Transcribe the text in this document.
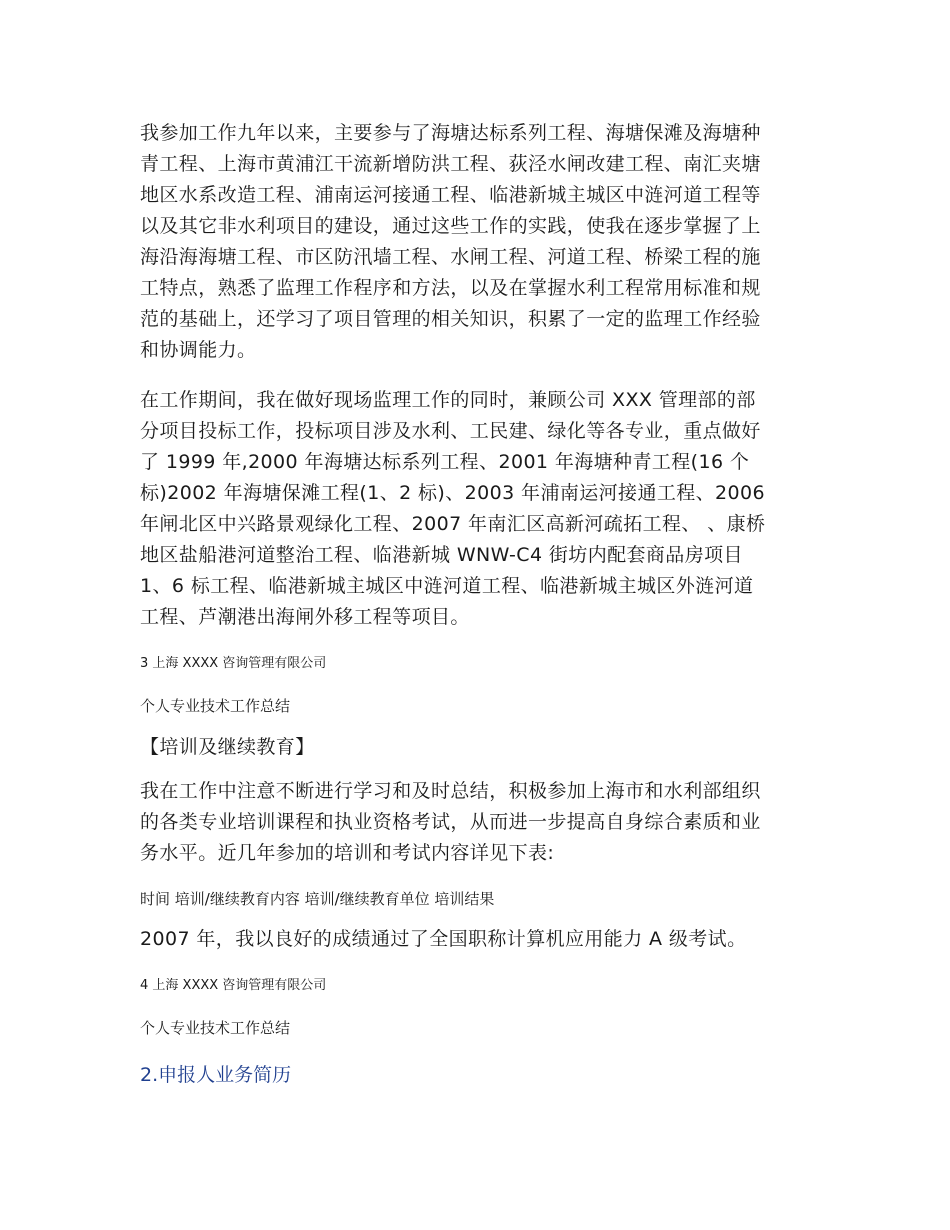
我参加工作九年以来，主要参与了海塘达标系列工程、海塘保滩及海塘种
青工程、上海市黄浦江干流新增防洪工程、荻泾水闸改建工程、南汇夹塘
地区水系改造工程、浦南运河接通工程、临港新城主城区中涟河道工程等
以及其它非水利项目的建设，通过这些工作的实践，使我在逐步掌握了上
海沿海海塘工程、市区防汛墙工程、水闸工程、河道工程、桥梁工程的施
工特点，熟悉了监理工作程序和方法，以及在掌握水利工程常用标准和规
范的基础上，还学习了项目管理的相关知识，积累了一定的监理工作经验
和协调能力。

在工作期间，我在做好现场监理工作的同时，兼顾公司 XXX 管理部的部
分项目投标工作，投标项目涉及水利、工民建、绿化等各专业，重点做好
了 1999 年,2000 年海塘达标系列工程、2001 年海塘种青工程(16 个
标)2002 年海塘保滩工程(1、2 标)、2003 年浦南运河接通工程、2006
年闸北区中兴路景观绿化工程、2007 年南汇区高新河疏拓工程、 、康桥
地区盐船港河道整治工程、临港新城 WNW-C4 街坊内配套商品房项目
1、6 标工程、临港新城主城区中涟河道工程、临港新城主城区外涟河道
工程、芦潮港出海闸外移工程等项目。

3 上海 XXXX 咨询管理有限公司

个人专业技术工作总结

【培训及继续教育】

我在工作中注意不断进行学习和及时总结，积极参加上海市和水利部组织
的各类专业培训课程和执业资格考试，从而进一步提高自身综合素质和业
务水平。近几年参加的培训和考试内容详见下表:

时间 培训/继续教育内容 培训/继续教育单位 培训结果

2007 年，我以良好的成绩通过了全国职称计算机应用能力 A 级考试。

4 上海 XXXX 咨询管理有限公司

个人专业技术工作总结

2.申报人业务简历
